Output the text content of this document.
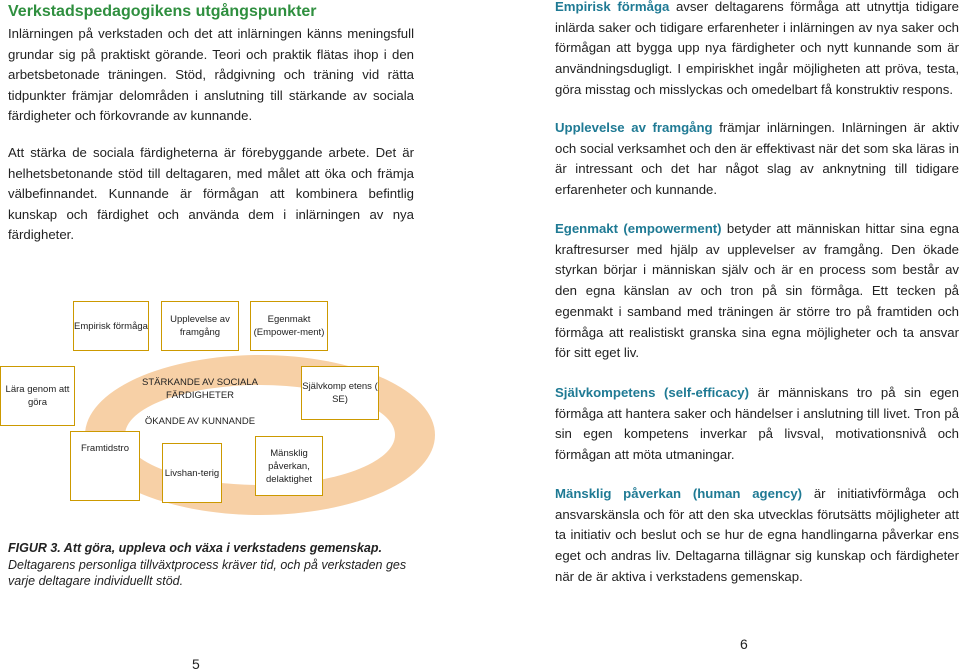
Verkstadspedagogikens utgångspunkter
Inlärningen på verkstaden och det att inlärningen känns meningsfull grundar sig på praktiskt görande. Teori och praktik flätas ihop i den arbetsbetonade träningen. Stöd, rådgivning och träning vid rätta tidpunkter främjar delområden i anslutning till stärkande av sociala färdigheter och förkovrande av kunnande.
Att stärka de sociala färdigheterna är förebyggande arbete. Det är helhetsbetonande stöd till deltagaren, med målet att öka och främja välbefinnandet. Kunnande är förmågan att kombinera befintlig kunskap och färdighet och använda dem i inlärningen av nya färdigheter.
Empirisk förmåga
Upplevelse av framgång
Egenmakt (Empower-ment)
Lära genom att göra
STÄRKANDE AV SOCIALA FÄRDIGHETER
ÖKANDE AV KUNNANDE
Självkomp etens ( SE)
Framtidstro
Livshan-terig
Mänsklig påverkan, delaktighet
FIGUR 3. Att göra, uppleva och växa i verkstadens gemenskap.
Deltagarens personliga tillväxtprocess kräver tid, och på verkstaden ges varje deltagare individuellt stöd.
5
Empirisk förmåga avser deltagarens förmåga att utnyttja tidigare inlärda saker och tidigare erfarenheter i inlärningen av nya saker och förmågan att bygga upp nya färdigheter och nytt kunnande som är användningsdugligt. I empiriskhet ingår möjligheten att pröva, testa, göra misstag och misslyckas och omedelbart få konstruktiv respons.
Upplevelse av framgång främjar inlärningen. Inlärningen är aktiv och social verksamhet och den är effektivast när det som ska läras in är intressant och det har något slag av anknytning till tidigare erfarenheter och kunnande.
Egenmakt (empowerment) betyder att människan hittar sina egna kraftresurser med hjälp av upplevelser av framgång. Den ökade styrkan börjar i människan själv och är en process som består av den egna känslan av och tron på sin förmåga. Ett tecken på egenmakt i samband med träningen är större tro på framtiden och förmåga att realistiskt granska sina egna möjligheter och ta ansvar för sitt eget liv.
Självkompetens (self-efficacy) är människans tro på sin egen förmåga att hantera saker och händelser i anslutning till livet. Tron på sin egen kompetens inverkar på livsval, motivationsnivå och förmågan att möta utmaningar.
Mänsklig påverkan (human agency) är initiativförmåga och ansvarskänsla och för att den ska utvecklas förutsätts möjligheter att ta initiativ och beslut och se hur de egna handlingarna påverkar ens eget och andras liv. Deltagarna tillägnar sig kunskap och färdigheter när de är aktiva i verkstadens gemenskap.
6
